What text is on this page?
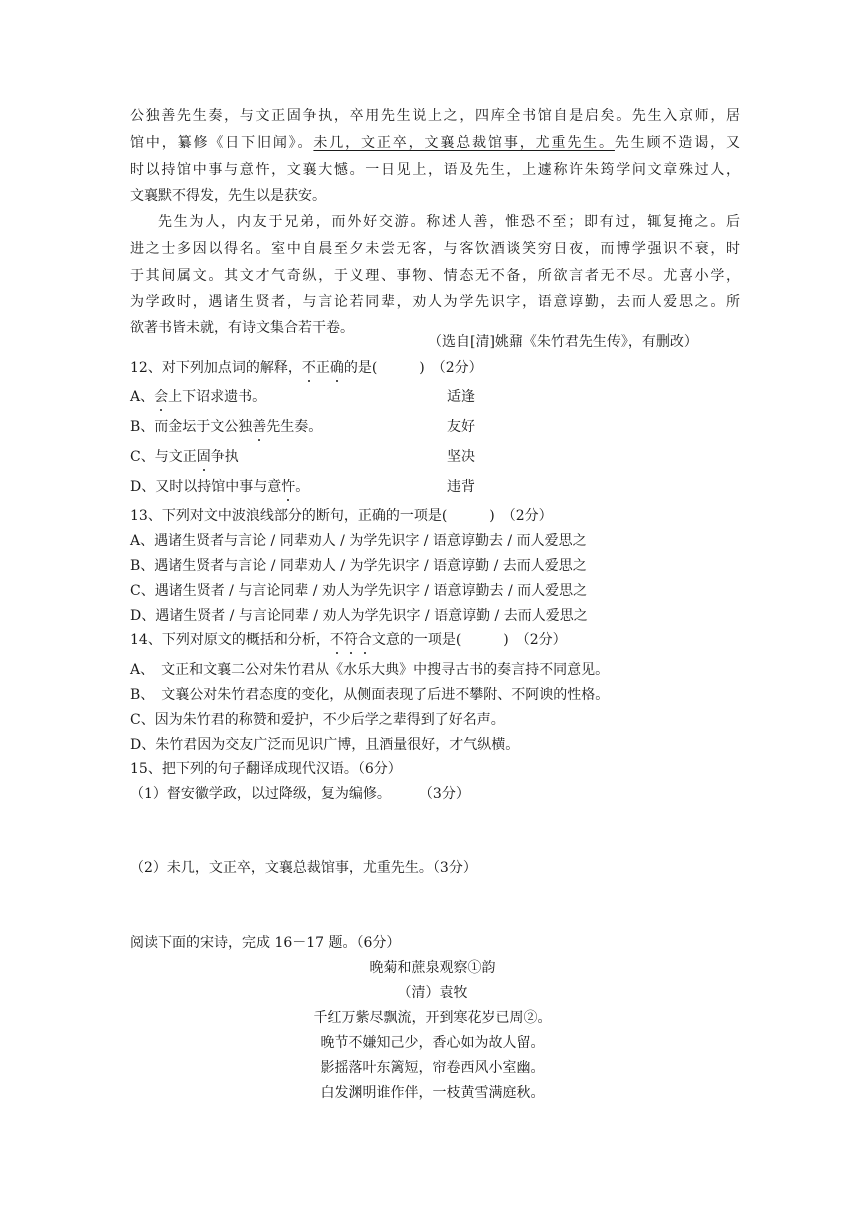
公独善先生奏，与文正固争执，卒用先生说上之，四库全书馆自是启矣。先生入京师，居
馆中，纂修《日下旧闻》。未几，文正卒，文襄总裁馆事，尤重先生。先生顾不造谒，又
时以持馆中事与意忤，文襄大憾。一日见上，语及先生，上遽称许朱筠学问文章殊过人，
文襄默不得发，先生以是获安。
先生为人，内友于兄弟，而外好交游。称述人善，惟恐不至；即有过，辄复掩之。后
进之士多因以得名。室中自晨至夕未尝无客，与客饮酒谈笑穷日夜，而博学强识不衰，时
于其间属文。其文才气奇纵，于义理、事物、情态无不备，所欲言者无不尽。尤喜小学，
为学政时，遇诸生贤者，与言论若同辈，劝人为学先识字，语意谆勤，去而人爱思之。所
欲著书皆未就，有诗文集合若干卷。
（选自[清]姚鼐《朱竹君先生传》，有删改）
12、对下列加点词的解释，不正确的是(　　　)　（2分）
A、会上下诏求遗书。	适逢
B、而金坛于文公独善先生奏。	友好
C、与文正固争执	坚决
D、又时以持馆中事与意忤。	违背
13、下列对文中波浪线部分的断句，正确的一项是(　　　)　（2分）
A、遇诸生贤者与言论 / 同辈劝人 / 为学先识字 / 语意谆勤去 / 而人爱思之
B、遇诸生贤者与言论 / 同辈劝人 / 为学先识字 / 语意谆勤 / 去而人爱思之
C、遇诸生贤者 / 与言论同辈 / 劝人为学先识字 / 语意谆勤去 / 而人爱思之
D、遇诸生贤者 / 与言论同辈 / 劝人为学先识字 / 语意谆勤 / 去而人爱思之
14、下列对原文的概括和分析，不符合文意的一项是(　　　)　（2分）
A、　文正和文襄二公对朱竹君从《水乐大典》中搜寻古书的奏言持不同意见。
B、　文襄公对朱竹君态度的变化，从侧面表现了后进不攀附、不阿谀的性格。
C、因为朱竹君的称赞和爱护，不少后学之辈得到了好名声。
D、朱竹君因为交友广泛而见识广博，且酒量很好，才气纵横。
15、把下列的句子翻译成现代汉语。（6分）
（1）督安徽学政，以过降级，复为编修。　　　（3分）
（2）未几，文正卒，文襄总裁馆事，尤重先生。（3分）
阅读下面的宋诗，完成 16－17 题。（6分）
晚菊和蔗泉观察①韵
（清）袁牧
千红万紫尽飘流，开到寒花岁已周②。
晚节不嫌知己少，香心如为故人留。
影摇落叶东篱短，帘卷西风小室幽。
白发渊明谁作伴，一枝黄雪满庭秋。
